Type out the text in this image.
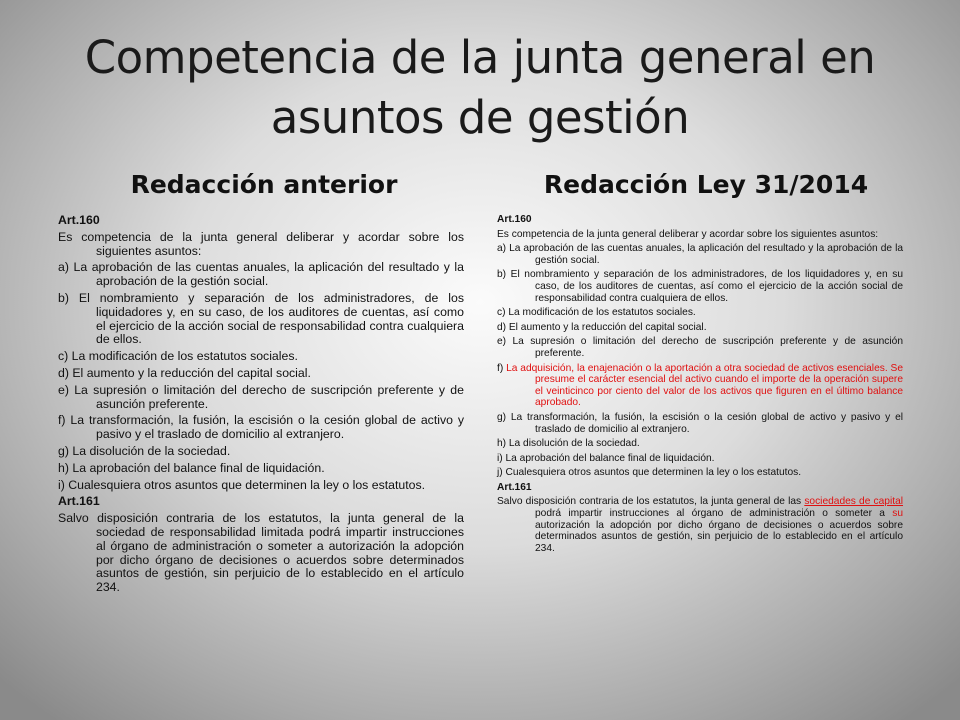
Competencia de la junta general en asuntos de gestión
Redacción anterior	Redacción Ley 31/2014

Art.160

Es competencia de la junta general deliberar y acordar sobre los siguientes asuntos:

a) La aprobación de las cuentas anuales, la aplicación del resultado y la aprobación de la gestión social.

b) El nombramiento y separación de los administradores, de los liquidadores y, en su caso, de los auditores de cuentas, así como el ejercicio de la acción social de responsabilidad contra cualquiera de ellos.

c) La modificación de los estatutos sociales.

d) El aumento y la reducción del capital social.

e) La supresión o limitación del derecho de suscripción preferente y de asunción preferente.

f) La transformación, la fusión, la escisión o la cesión global de activo y pasivo y el traslado de domicilio al extranjero.

g) La disolución de la sociedad.

h) La aprobación del balance final de liquidación.

i) Cualesquiera otros asuntos que determinen la ley o los estatutos.

Art.161

Salvo disposición contraria de los estatutos, la junta general de la sociedad de responsabilidad limitada podrá impartir instrucciones al órgano de administración o someter a autorización la adopción por dicho órgano de decisiones o acuerdos sobre determinados asuntos de gestión, sin perjuicio de lo establecido en el artículo 234.

Art.160

Es competencia de la junta general deliberar y acordar sobre los siguientes asuntos:

a) La aprobación de las cuentas anuales, la aplicación del resultado y la aprobación de la gestión social.

b) El nombramiento y separación de los administradores, de los liquidadores y, en su caso, de los auditores de cuentas, así como el ejercicio de la acción social de responsabilidad contra cualquiera de ellos.

c) La modificación de los estatutos sociales.

d) El aumento y la reducción del capital social.

e) La supresión o limitación del derecho de suscripción preferente y de asunción preferente.

f) La adquisición, la enajenación o la aportación a otra sociedad de activos esenciales. Se presume el carácter esencial del activo cuando el importe de la operación supere el veinticinco por ciento del valor de los activos que figuren en el último balance aprobado.

g) La transformación, la fusión, la escisión o la cesión global de activo y pasivo y el traslado de domicilio al extranjero.

h) La disolución de la sociedad.

i) La aprobación del balance final de liquidación.

j) Cualesquiera otros asuntos que determinen la ley o los estatutos.

Art.161

Salvo disposición contraria de los estatutos, la junta general de las sociedades de capital podrá impartir instrucciones al órgano de administración o someter a su autorización la adopción por dicho órgano de decisiones o acuerdos sobre determinados asuntos de gestión, sin perjuicio de lo establecido en el artículo 234.
